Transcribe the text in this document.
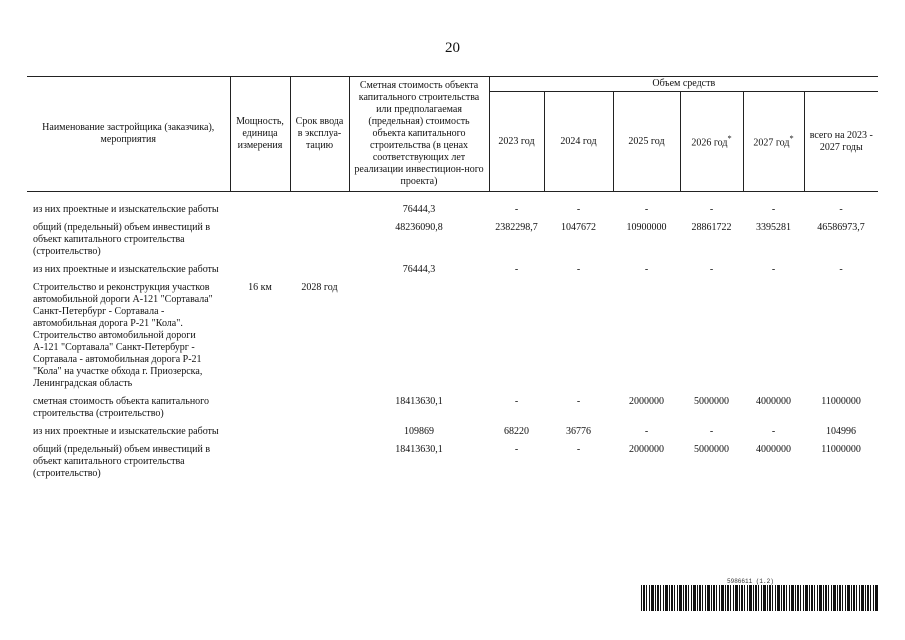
20
Наименование застройщика (заказчика), мероприятия	Мощность, единица измерения	Срок ввода в эксплуа-тацию	Сметная стоимость объекта капитального строительства или предполагаемая (предельная) стоимость объекта капитального строительства (в ценах соответствующих лет реализации инвестицион-ного проекта)	Объем средств					
				2023 год	2024 год	2025 год	2026 год*	2027 год*	всего на 2023 - 2027 годы

из них проектные и изыскательские работы			76444,3	-	-	-	-	-	-
общий (предельный) объем инвестиций в объект капитального строительства (строительство)			48236090,8	2382298,7	1047672	10900000	28861722	3395281	46586973,7
из них проектные и изыскательские работы			76444,3	-	-	-	-	-	-
Строительство и реконструкция участков автомобильной дороги А-121 "Сортавала" Санкт-Петербург - Сортавала - автомобильная дорога Р-21 "Кола". Строительство автомобильной дороги А-121 "Сортавала" Санкт-Петербург - Сортавала - автомобильная дорога Р-21 "Кола" на участке обхода г. Приозерска, Ленинградская область	16 км	2028 год							
сметная стоимость объекта капитального строительства (строительство)			18413630,1	-	-	2000000	5000000	4000000	11000000
из них проектные и изыскательские работы			109869	68220	36776	-	-	-	104996
общий (предельный) объем инвестиций в объект капитального строительства (строительство)			18413630,1	-	-	2000000	5000000	4000000	11000000
5986611 (1.2)
